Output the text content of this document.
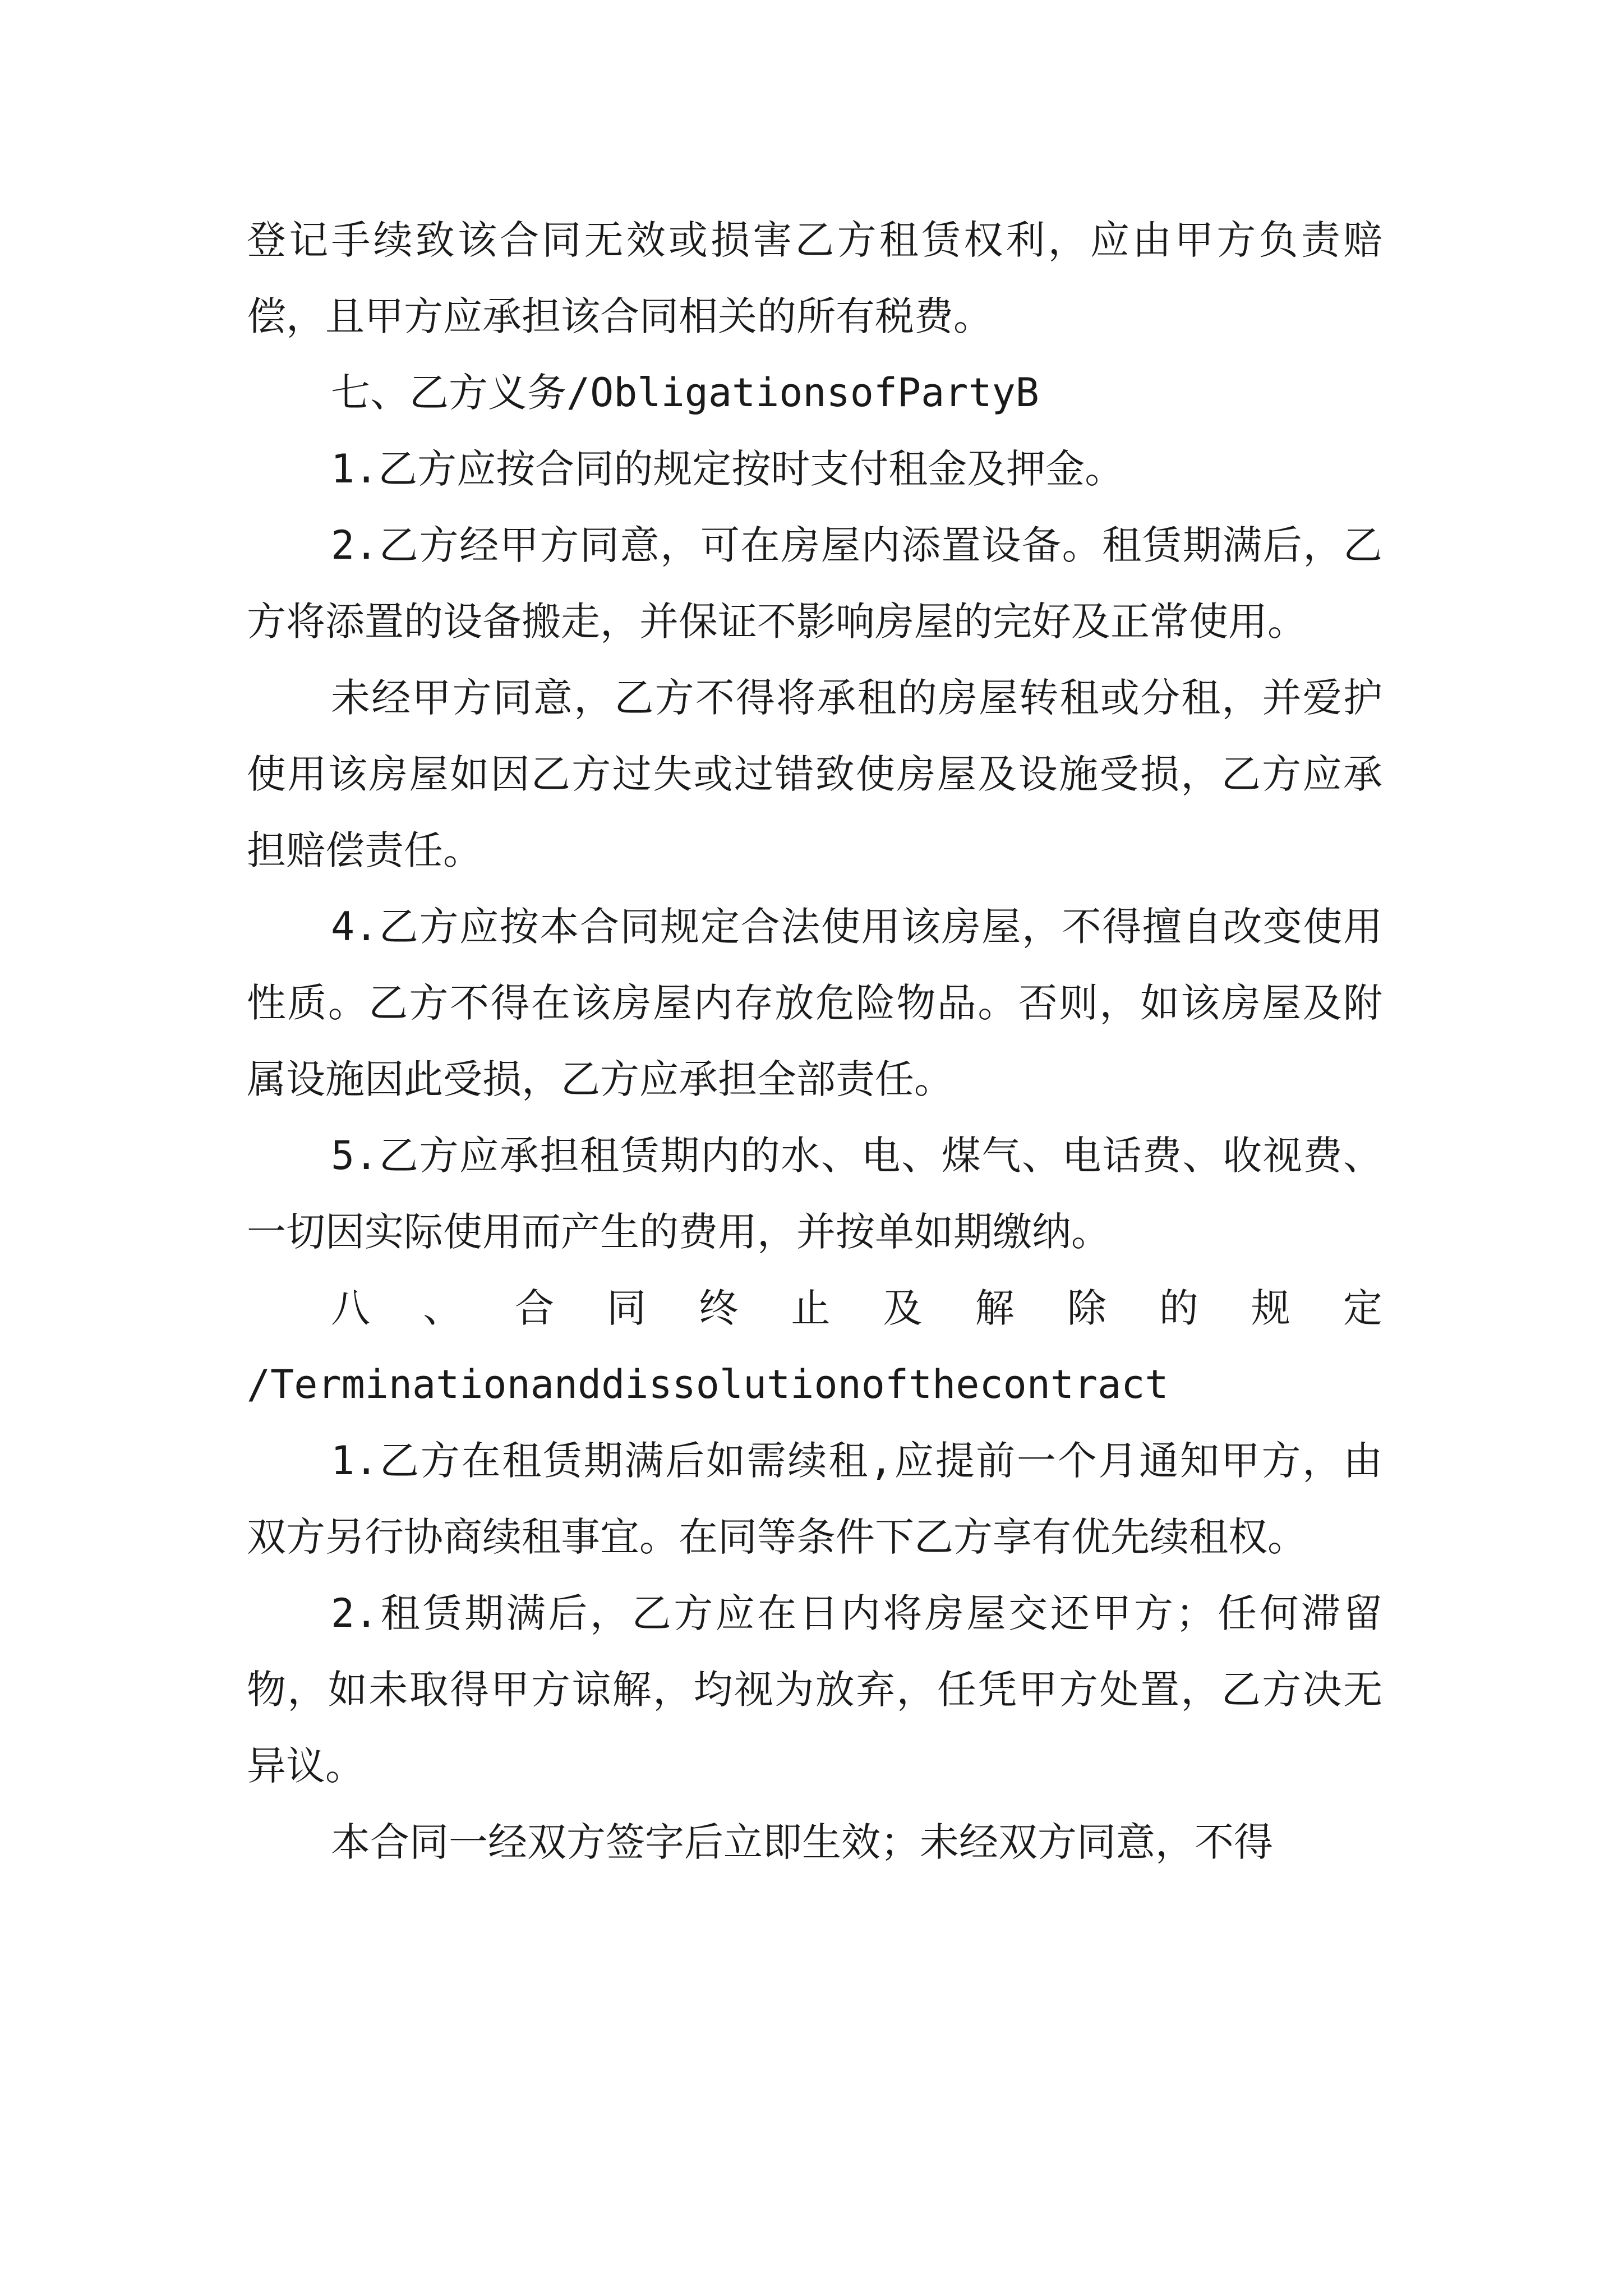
登记手续致该合同无效或损害乙方租赁权利，应由甲方负责赔偿，且甲方应承担该合同相关的所有税费。

七、乙方义务/ObligationsofPartyB

1.乙方应按合同的规定按时支付租金及押金。

2.乙方经甲方同意，可在房屋内添置设备。租赁期满后，乙方将添置的设备搬走，并保证不影响房屋的完好及正常使用。

未经甲方同意，乙方不得将承租的房屋转租或分租，并爱护使用该房屋如因乙方过失或过错致使房屋及设施受损，乙方应承担赔偿责任。

4.乙方应按本合同规定合法使用该房屋，不得擅自改变使用性质。乙方不得在该房屋内存放危险物品。否则，如该房屋及附属设施因此受损，乙方应承担全部责任。

5.乙方应承担租赁期内的水、电、煤气、电话费、收视费、一切因实际使用而产生的费用，并按单如期缴纳。

八、合同终止及解除的规定

/Terminationanddissolutionofthecontract

1.乙方在租赁期满后如需续租,应提前一个月通知甲方，由双方另行协商续租事宜。在同等条件下乙方享有优先续租权。

2.租赁期满后，乙方应在日内将房屋交还甲方；任何滞留物，如未取得甲方谅解，均视为放弃，任凭甲方处置，乙方决无异议。

本合同一经双方签字后立即生效；未经双方同意，不得
